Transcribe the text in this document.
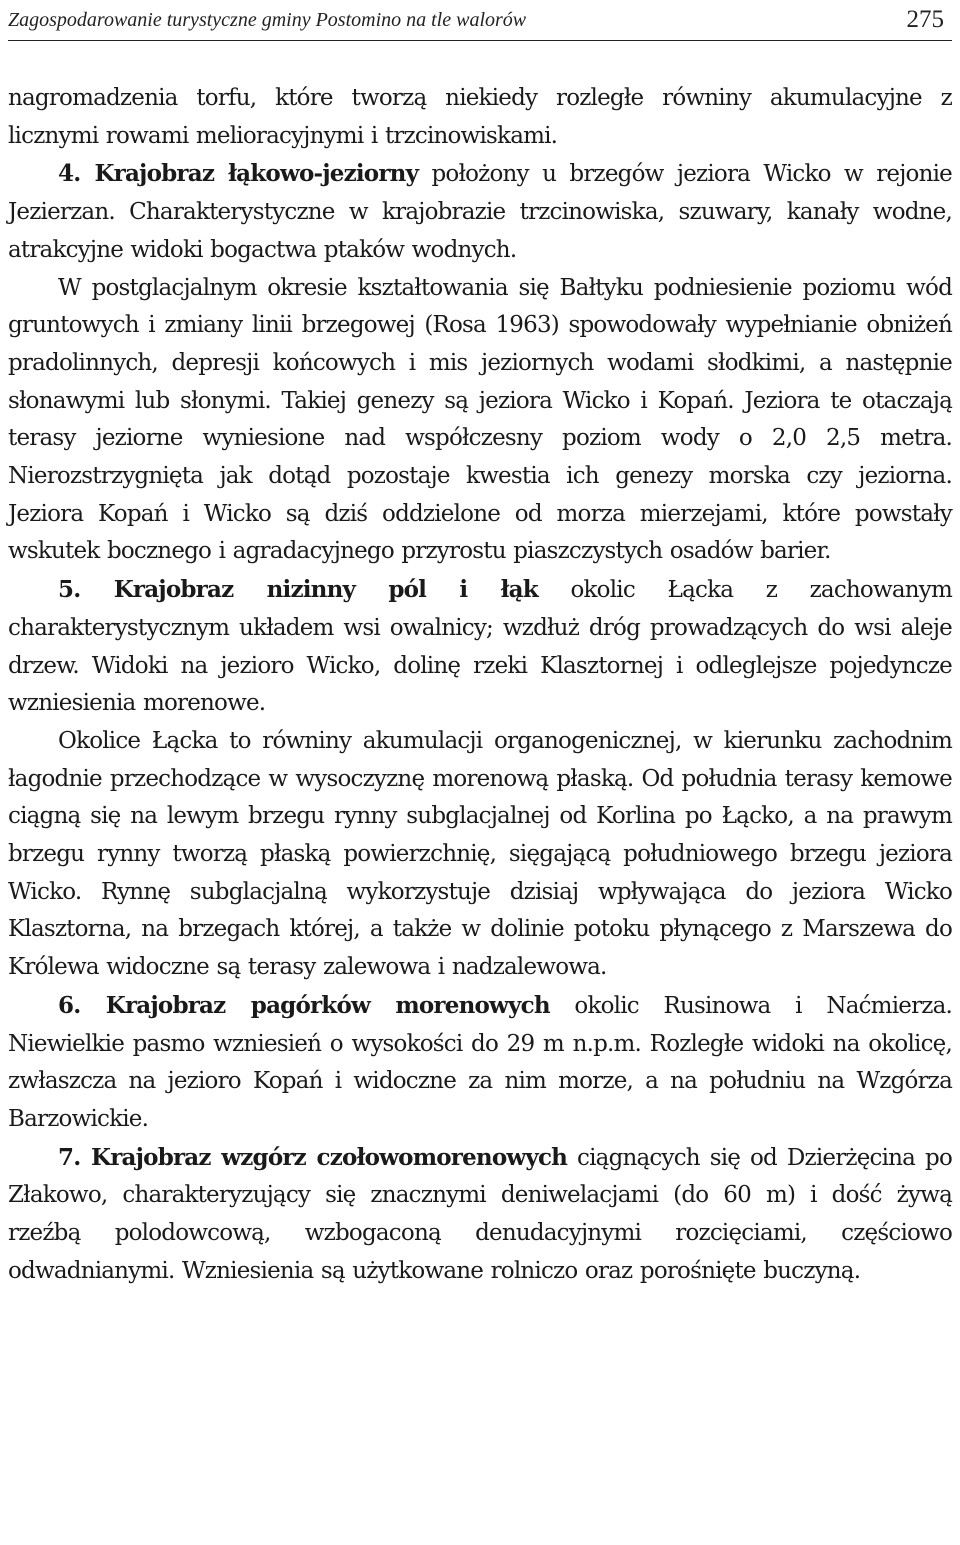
Zagospodarowanie turystyczne gminy Postomino na tle walorów	275

nagromadzenia torfu, które tworzą niekiedy rozległe równiny akumulacyjne z licznymi rowami melioracyjnymi i trzcinowiskami.

4. Krajobraz łąkowo-jeziorny położony u brzegów jeziora Wicko w rejonie Jezierzan. Charakterystyczne w krajobrazie trzcinowiska, szuwary, kanały wodne, atrakcyjne widoki bogactwa ptaków wodnych.

W postglacjalnym okresie kształtowania się Bałtyku podniesienie poziomu wód gruntowych i zmiany linii brzegowej (Rosa 1963) spowodowały wypełnianie obniżeń pradolinnych, depresji końcowych i mis jeziornych wodami słodkimi, a następnie słonawymi lub słonymi. Takiej genezy są jeziora Wicko i Kopań. Jeziora te otaczają terasy jeziorne wyniesione nad współczesny poziom wody o 2,0 2,5 metra. Nierozstrzygnięta jak dotąd pozostaje kwestia ich genezy morska czy jeziorna. Jeziora Kopań i Wicko są dziś oddzielone od morza mierzejami, które powstały wskutek bocznego i agradacyjnego przyrostu piaszczystych osadów barier.

5. Krajobraz nizinny pól i łąk okolic Łącka z zachowanym charakterystycznym układem wsi owalnicy; wzdłuż dróg prowadzących do wsi aleje drzew. Widoki na jezioro Wicko, dolinę rzeki Klasztornej i odleglejsze pojedyncze wzniesienia morenowe.

Okolice Łącka to równiny akumulacji organogenicznej, w kierunku zachodnim łagodnie przechodzące w wysoczyznę morenową płaską. Od południa terasy kemowe ciągną się na lewym brzegu rynny subglacjalnej od Korlina po Łącko, a na prawym brzegu rynny tworzą płaską powierzchnię, sięgającą południowego brzegu jeziora Wicko. Rynnę subglacjalną wykorzystuje dzisiaj wpływająca do jeziora Wicko Klasztorna, na brzegach której, a także w dolinie potoku płynącego z Marszewa do Królewa widoczne są terasy zalewowa i nadzalewowa.

6. Krajobraz pagórków morenowych okolic Rusinowa i Naćmierza. Niewielkie pasmo wzniesień o wysokości do 29 m n.p.m. Rozległe widoki na okolicę, zwłaszcza na jezioro Kopań i widoczne za nim morze, a na południu na Wzgórza Barzowickie.

7. Krajobraz wzgórz czołowomorenowych ciągnących się od Dzierżęcina po Złakowo, charakteryzujący się znacznymi deniwelacjami (do 60 m) i dość żywą rzeźbą polodowcową, wzbogaconą denudacyjnymi rozcięciami, częściowo odwadnianymi. Wzniesienia są użytkowane rolniczo oraz porośnięte buczyną.
